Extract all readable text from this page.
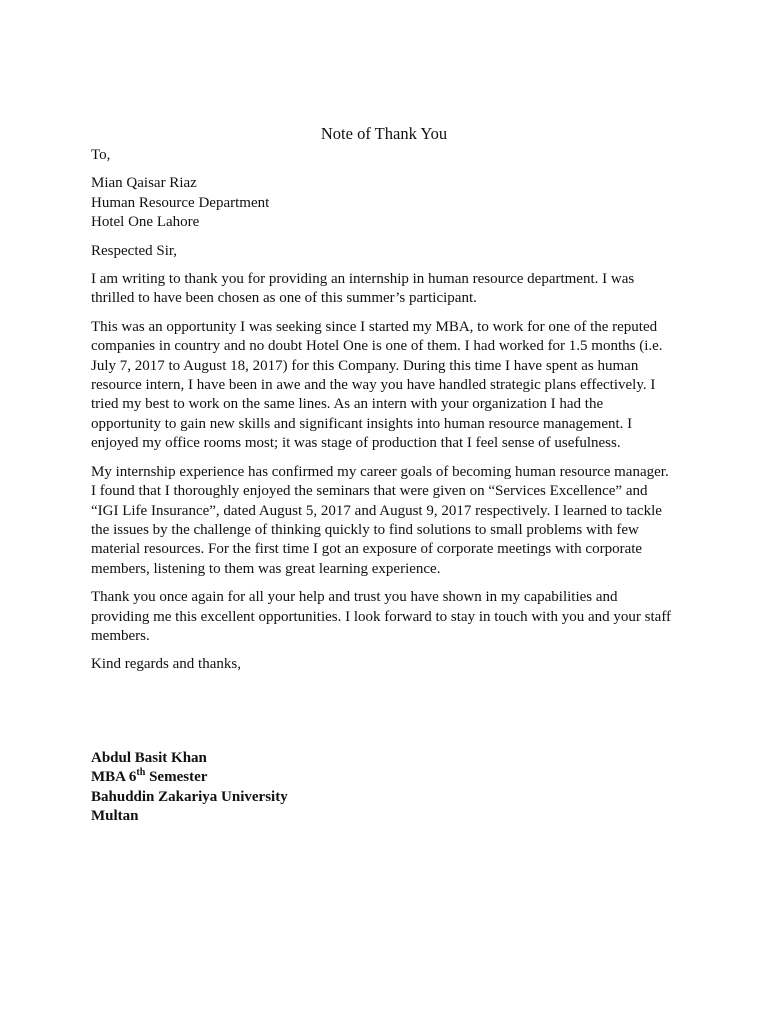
Note of Thank You
To,
Mian Qaisar Riaz
Human Resource Department
Hotel One Lahore
Respected Sir,
I am writing to thank you for providing an internship in human resource department. I was
thrilled to have been chosen as one of this summer’s participant.
This was an opportunity I was seeking since I started my MBA, to work for one of the reputed
companies in country and no doubt Hotel One is one of them. I had worked for 1.5 months (i.e.
July 7, 2017 to August 18, 2017) for this Company. During this time I have spent as human
resource intern, I have been in awe and the way you have handled strategic plans effectively. I
tried my best to work on the same lines. As an intern with your organization I had the
opportunity to gain new skills and significant insights into human resource management. I
enjoyed my office rooms most; it was stage of production that I feel sense of usefulness.
My internship experience has confirmed my career goals of becoming human resource manager.
I found that I thoroughly enjoyed the seminars that were given on “Services Excellence” and
“IGI Life Insurance”, dated August 5, 2017 and August 9, 2017 respectively. I learned to tackle
the issues by the challenge of thinking quickly to find solutions to small problems with few
material resources. For the first time I got an exposure of corporate meetings with corporate
members, listening to them was great learning experience.
Thank you once again for all your help and trust you have shown in my capabilities and
providing me this excellent opportunities. I look forward to stay in touch with you and your staff
members.
Kind regards and thanks,
Abdul Basit Khan
MBA 6th Semester
Bahuddin Zakariya University
Multan
